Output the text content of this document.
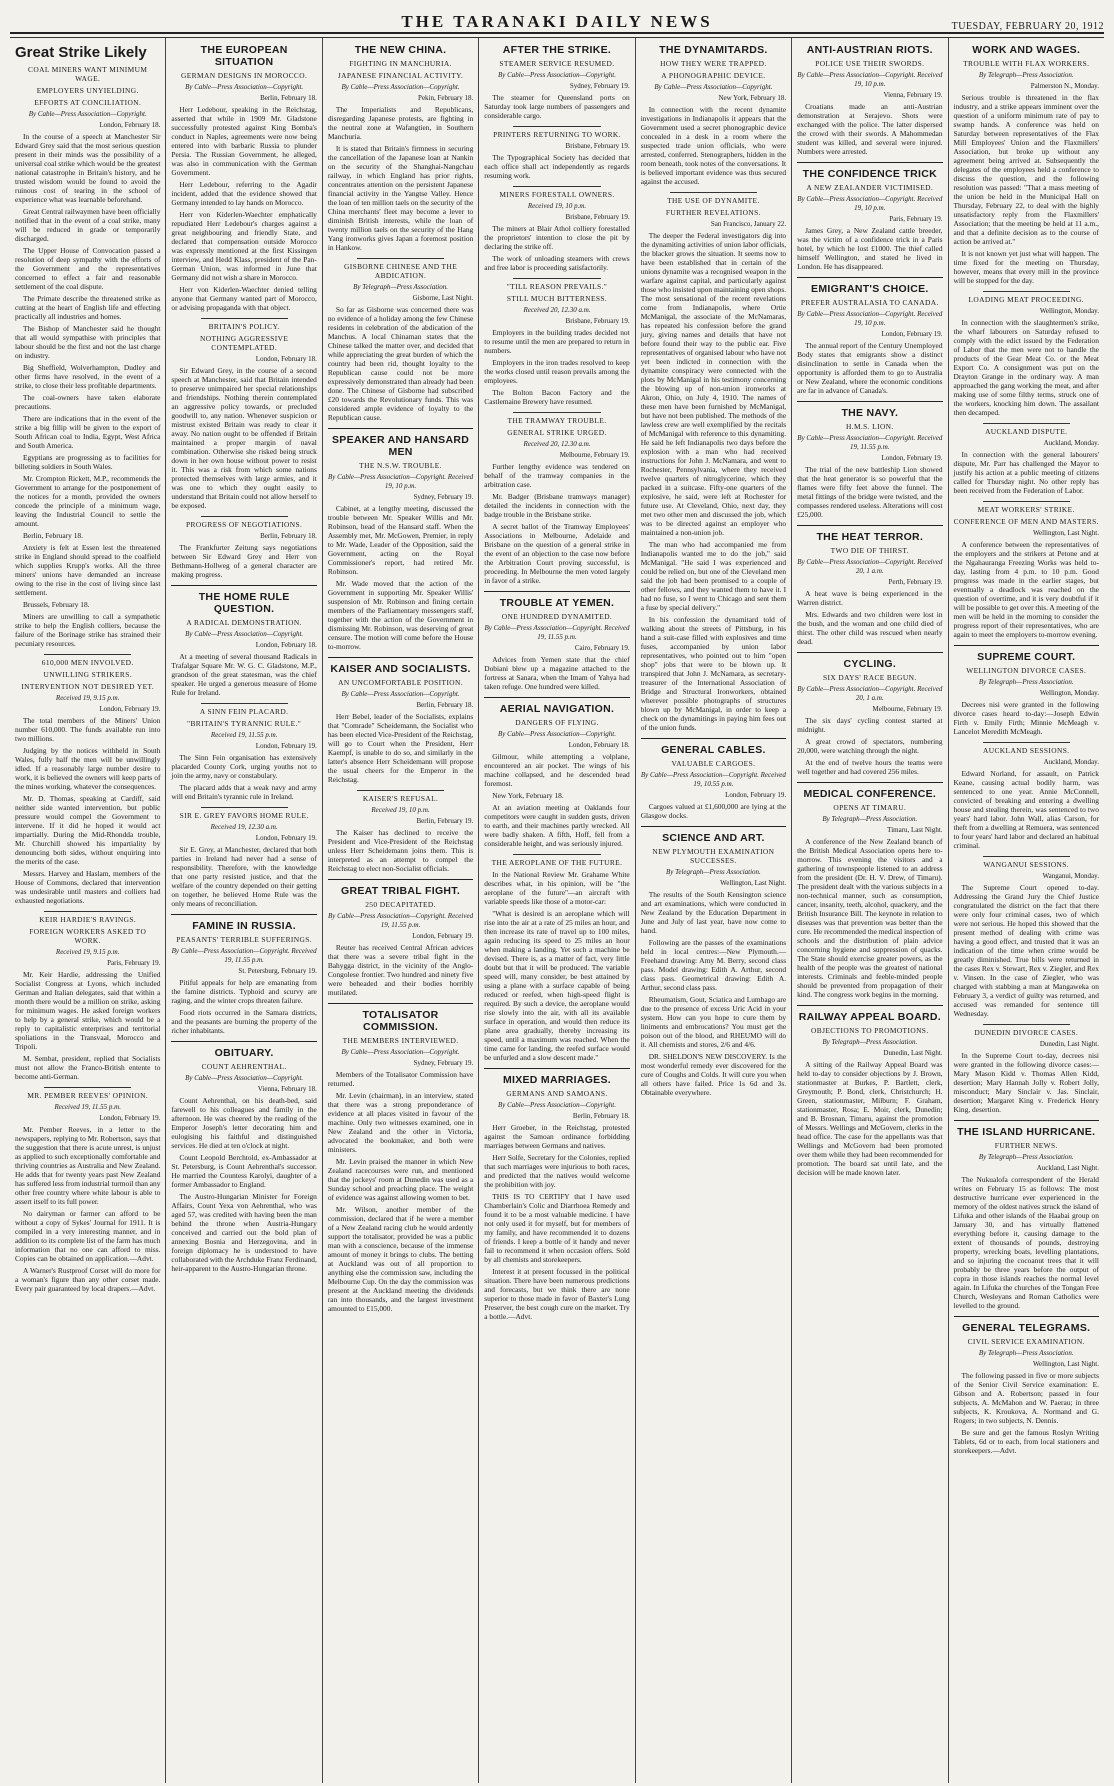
THE TARANAKI DAILY NEWS	TUESDAY, FEBRUARY 20, 1912
Great Strike Likely
COAL MINERS WANT MINIMUM WAGE.
EMPLOYERS UNYIELDING.
EFFORTS AT CONCILIATION.
By Cable—Press Association—Copyright.
London, February 18.

In the course of a speech at Manchester Sir Edward Grey said that the most serious question present in their minds was the possibility of a universal coal strike which would be the greatest national catastrophe in Britain's history, and he trusted wisdom would be found to avoid the ruinous cost of tearing in the school of experience what was learnable beforehand.

Great Central railwaymen have been officially notified that in the event of a coal strike, many will be reduced in grade or temporarily discharged.

The Upper House of Convocation passed a resolution of deep sympathy with the efforts of the Government and the representatives concerned to effect a fair and reasonable settlement of the coal dispute.

The Primate describe the threatened strike as cutting at the heart of English life and effecting practically all industries and homes.

The Bishop of Manchester said he thought that all would sympathise with principles that labour should be the first and not the last charge on industry.

Big Sheffield, Wolverhampton, Dudley and other firms have resolved, in the event of a strike, to close their less profitable departments.

The coal-owners have taken elaborate precautions.

There are indications that in the event of the strike a big fillip will be given to the export of South African coal to India, Egypt, West Africa and South America.

Egyptians are progressing as to facilities for billeting soldiers in South Wales.

Mr. Crompton Rickett, M.P., recommends the Government to arrange for the postponement of the notices for a month, provided the owners concede the principle of a minimum wage, leaving the Industrial Council to settle the amount.

Berlin, February 18.

Anxiety is felt at Essen lest the threatened strike in England should spread to the coalfield which supplies Krupp's works. All the three miners' unions have demanded an increase owing to the rise in the cost of living since last settlement.

Brussels, February 18.

Miners are unwilling to call a sympathetic strike to help the English colliers, because the failure of the Borinage strike has strained their pecuniary resources.

610,000 MEN INVOLVED.
UNWILLING STRIKERS.
INTERVENTION NOT DESIRED YET.
Received 19, 9.15 p.m.
London, February 19.

The total members of the Miners' Union number 610,000. The funds available run into two millions.

Judging by the notices withheld in South Wales, fully half the men will be unwillingly idled. If a reasonably large number desire to work, it is believed the owners will keep parts of the mines working, whatever the consequences.

Mr. D. Thomas, speaking at Cardiff, said neither side wanted intervention, but public pressure would compel the Government to intervene. If it did he hoped it would act impartially. During the Mid-Rhondda trouble, Mr. Churchill showed his impartiality by denouncing both sides, without enquiring into the merits of the case.

Messrs. Harvey and Haslam, members of the House of Commons, declared that intervention was undesirable until masters and colliers had exhausted negotiations.

KEIR HARDIE'S RAVINGS.
FOREIGN WORKERS ASKED TO WORK.
Received 19, 9.15 p.m.
Paris, February 19.

Mr. Keir Hardie, addressing the Unified Socialist Congress at Lyons, which included German and Italian delegates, said that within a month there would be a million on strike, asking for minimum wages. He asked foreign workers to help by a general strike, which would be a reply to capitalistic enterprises and territorial spoliations in the Transvaal, Morocco and Tripoli.

M. Sembat, president, replied that Socialists must not allow the Franco-British entente to become anti-German.

MR. PEMBER REEVES' OPINION.
Received 19, 11.55 p.m.
London, February 19.

Mr. Pember Reeves, in a letter to the newspapers, replying to Mr. Robertson, says that the suggestion that there is acute unrest, is unjust as applied to such exceptionally comfortable and thriving countries as Australia and New Zealand. He adds that for twenty years past New Zealand has suffered less from industrial turmoil than any other free country where white labour is able to assert itself to its full power.

No dairyman or farmer can afford to be without a copy of Sykes' Journal for 1911. It is compiled in a very interesting manner, and in addition to its complete list of the farm has much information that no one can afford to miss. Copies can be obtained on application.—Advt.

A Warner's Rustproof Corset will do more for a woman's figure than any other corset made. Every pair guaranteed by local drapers.—Advt.

THE EUROPEAN SITUATION
GERMAN DESIGNS IN MOROCCO.
By Cable—Press Association—Copyright.
Berlin, February 18.

Herr Ledebour, speaking in the Reichstag, asserted that while in 1909 Mr. Gladstone successfully protested against King Bomba's conduct in Naples, agreements were now being entered into with barbaric Russia to plunder Persia. The Russian Government, he alleged, was also in communication with the German Government.

Herr Ledebour, referring to the Agadir incident, added that the evidence showed that Germany intended to lay hands on Morocco.

Herr von Kiderlen-Waechter emphatically repudiated Herr Ledebour's charges against a great neighbouring and friendly State, and declared that compensation outside Morocco was expressly mentioned at the first Kissingen interview, and Hedd Klass, president of the Pan-German Union, was informed in June that Germany did not wish a share in Morocco.

Herr von Kiderlen-Waechter denied telling anyone that Germany wanted part of Morocco, or advising propaganda with that object.

BRITAIN'S POLICY.
NOTHING AGGRESSIVE CONTEMPLATED.
London, February 18.

Sir Edward Grey, in the course of a second speech at Manchester, said that Britain intended to preserve unimpaired her special relationships and friendships. Nothing therein contemplated an aggressive policy towards, or precluded goodwill to, any nation. Whenever suspicion or mistrust existed Britain was ready to clear it away. No nation ought to be offended if Britain maintained a proper margin of naval combination. Otherwise she risked being struck down in her own house without power to resist it. This was a risk from which some nations protected themselves with large armies, and it was one to which they ought easily to understand that Britain could not allow herself to be exposed.

PROGRESS OF NEGOTIATIONS.
Berlin, February 18.

The Frankfurter Zeitung says negotiations between Sir Edward Grey and Herr von Bethmann-Hollweg of a general character are making progress.

THE HOME RULE QUESTION.
A RADICAL DEMONSTRATION.
By Cable—Press Association—Copyright.
London, February 18.

At a meeting of several thousand Radicals in Trafalgar Square Mr. W. G. C. Gladstone, M.P., grandson of the great statesman, was the chief speaker. He urged a generous measure of Home Rule for Ireland.

A SINN FEIN PLACARD.
"BRITAIN'S TYRANNIC RULE."
Received 19, 11.55 p.m.
London, February 19.

The Sinn Fein organisation has extensively placarded County Cork, urging youths not to join the army, navy or constabulary.

The placard adds that a weak navy and army will end Britain's tyrannic rule in Ireland.

SIR E. GREY FAVORS HOME RULE.
Received 19, 12.30 a.m.
London, February 19.

Sir E. Grey, at Manchester, declared that both parties in Ireland had never had a sense of responsibility. Therefore, with the knowledge that one party resisted justice, and that the welfare of the country depended on their getting on together, he believed Home Rule was the only means of reconciliation.

FAMINE IN RUSSIA.
PEASANTS' TERRIBLE SUFFERINGS.
By Cable—Press Association—Copyright. Received 19, 11.55 p.m.
St. Petersburg, February 19.

Pitiful appeals for help are emanating from the famine districts. Typhoid and scurvy are raging, and the winter crops threaten failure.

Food riots occurred in the Samara districts, and the peasants are burning the property of the richer inhabitants.

OBITUARY.
COUNT AEHRENTHAL.
By Cable—Press Association—Copyright.
Vienna, February 18.

Count Aehrenthal, on his death-bed, said farewell to his colleagues and family in the afternoon. He was cheered by the reading of the Emperor Joseph's letter decorating him and eulogising his faithful and distinguished services. He died at ten o'clock at night.

Count Leopold Berchtold, ex-Ambassador at St. Petersburg, is Count Aehrenthal's successor. He married the Countess Karolyi, daughter of a former Ambassador to England.

The Austro-Hungarian Minister for Foreign Affairs, Count Yexa von Aehrenthal, who was aged 57, was credited with having been the man behind the throne when Austria-Hungary conceived and carried out the bold plan of annexing Bosnia and Herzegovina, and in foreign diplomacy he is understood to have collaborated with the Archduke Franz Ferdinand, heir-apparent to the Austro-Hungarian throne.

THE NEW CHINA.
FIGHTING IN MANCHURIA.
JAPANESE FINANCIAL ACTIVITY.
By Cable—Press Association—Copyright.
Pekin, February 18.

The Imperialists and Republicans, disregarding Japanese protests, are fighting in the neutral zone at Wafangtien, in Southern Manchuria.

It is stated that Britain's firmness in securing the cancellation of the Japanese loan at Nankin on the security of the Shanghai-Nangchau railway, in which England has prior rights, concentrates attention on the persistent Japanese financial activity in the Yangtse Valley. Hence the loan of ten million taels on the security of the China merchants' fleet may become a lever to diminish British interests, while the loan of twenty million taels on the security of the Hang Yang ironworks gives Japan a foremost position in Hankow.

GISBORNE CHINESE AND THE ABDICATION.
By Telegraph—Press Association.
Gisborne, Last Night.

So far as Gisborne was concerned there was no evidence of a holiday among the few Chinese residents in celebration of the abdication of the Manchus. A local Chinaman states that the Chinese talked the matter over, and decided that while appreciating the great burden of which the country had been rid, thought loyalty to the Republican cause could not be more expressively demonstrated than already had been done. The Chinese of Gisborne had subscribed £20 towards the Revolutionary funds. This was considered ample evidence of loyalty to the Republican cause.

SPEAKER AND HANSARD MEN
THE N.S.W. TROUBLE.
By Cable—Press Association—Copyright. Received 19, 10 p.m.
Sydney, February 19.

Cabinet, at a lengthy meeting, discussed the trouble between Mr. Speaker Willis and Mr. Robinson, head of the Hansard staff. When the Assembly met, Mr. McGowen, Premier, in reply to Mr. Wade, Leader of the Opposition, said the Government, acting on the Royal Commissioner's report, had retired Mr. Robinson.

Mr. Wade moved that the action of the Government in supporting Mr. Speaker Willis' suspension of Mr. Robinson and fining certain members of the Parliamentary messengers staff, together with the action of the Government in dismissing Mr. Robinson, was deserving of great censure. The motion will come before the House to-morrow.

KAISER AND SOCIALISTS.
AN UNCOMFORTABLE POSITION.
By Cable—Press Association—Copyright.
Berlin, February 18.

Herr Bebel, leader of the Socialists, explains that "Comrade" Scheidemann, the Socialist who has been elected Vice-President of the Reichstag, will go to Court when the President, Herr Kaempf, is unable to do so, and similarly in the latter's absence Herr Scheidemann will propose the usual cheers for the Emperor in the Reichstag.

KAISER'S REFUSAL.
Received 19, 10 p.m.
Berlin, February 19.

The Kaiser has declined to receive the President and Vice-President of the Reichstag unless Herr Scheidemann joins them. This is interpreted as an attempt to compel the Reichstag to elect non-Socialist officials.

GREAT TRIBAL FIGHT.
250 DECAPITATED.
By Cable—Press Association—Copyright. Received 19, 11.55 p.m.
London, February 19.

Reuter has received Central African advices that there was a severe tribal fight in the Bahygga district, in the vicinity of the Anglo-Congolese frontier. Two hundred and ninety five were beheaded and their bodies horribly mutilated.

TOTALISATOR COMMISSION.
THE MEMBERS INTERVIEWED.
By Cable—Press Association—Copyright.
Sydney, February 19.

Members of the Totalisator Commission have returned.

Mr. Levin (chairman), in an interview, stated that there was a strong preponderance of evidence at all places visited in favour of the machine. Only two witnesses examined, one in New Zealand and the other in Victoria, advocated the bookmaker, and both were ministers.

Mr. Levin praised the manner in which New Zealand racecourses were run, and mentioned that the jockeys' room at Dunedin was used as a Sunday school and preaching place. The weight of evidence was against allowing women to bet.

Mr. Wilson, another member of the commission, declared that if he were a member of a New Zealand racing club he would ardently support the totalisator, provided he was a public man with a conscience, because of the immense amount of money it brings to clubs. The betting at Auckland was out of all proportion to anything else the commission saw, including the Melbourne Cup. On the day the commission was present at the Auckland meeting the dividends ran into thousands, and the largest investment amounted to £15,000.

AFTER THE STRIKE.
STEAMER SERVICE RESUMED.
By Cable—Press Association—Copyright.
Sydney, February 19.

The steamer for Queensland ports on Saturday took large numbers of passengers and considerable cargo.

PRINTERS RETURNING TO WORK.
Brisbane, February 19.

The Typographical Society has decided that each office shall act independently as regards resuming work.

MINERS FORESTALL OWNERS.
Received 19, 10 p.m.
Brisbane, February 19.

The miners at Blair Athol colliery forestalled the proprietors' intention to close the pit by declaring the strike off.

The work of unloading steamers with crews and free labor is proceeding satisfactorily.

"TILL REASON PREVAILS."
STILL MUCH BITTERNESS.
Received 20, 12.30 a.m.
Brisbane, February 19.

Employers in the building trades decided not to resume until the men are prepared to return in numbers.

Employers in the iron trades resolved to keep the works closed until reason prevails among the employees.

The Bolton Bacon Factory and the Castlemaine Brewery have resumed.

THE TRAMWAY TROUBLE.
GENERAL STRIKE URGED.
Received 20, 12.30 a.m.
Melbourne, February 19.

Further lengthy evidence was tendered on behalf of the tramway companies in the arbitration case.

Mr. Badger (Brisbane tramways manager) detailed the incidents in connection with the badge trouble in the Brisbane strike.

A secret ballot of the Tramway Employees' Associations in Melbourne, Adelaide and Brisbane on the question of a general strike in the event of an objection to the case now before the Arbitration Court proving successful, is proceeding. In Melbourne the men voted largely in favor of a strike.

TROUBLE AT YEMEN.
ONE HUNDRED DYNAMITED.
By Cable—Press Association—Copyright. Received 19, 11.55 p.m.
Cairo, February 19.

Advices from Yemen state that the chief Dobiani blew up a magazine attached to the fortress at Sanara, when the Imam of Yahya had taken refuge. One hundred were killed.

AERIAL NAVIGATION.
DANGERS OF FLYING.
By Cable—Press Association—Copyright.
London, February 18.

Gilmour, while attempting a volplane, encountered an air pocket. The wings of his machine collapsed, and he descended head foremost.

New York, February 18.

At an aviation meeting at Oaklands four competitors were caught in sudden gusts, driven to earth, and their machines partly wrecked. All were badly shaken. A fifth, Hoff, fell from a considerable height, and was seriously injured.

THE AEROPLANE OF THE FUTURE.

In the National Review Mr. Grahame White describes what, in his opinion, will be "the aeroplane of the future"—an aircraft with variable speeds like those of a motor-car:

"What is desired is an aeroplane which will rise into the air at a rate of 25 miles an hour, and then increase its rate of travel up to 100 miles, again reducing its speed to 25 miles an hour when making a landing. Yet such a machine be devised. There is, as a matter of fact, very little doubt but that it will be produced. The variable speed will, many consider, be best attained by using a plane with a surface capable of being reduced or reefed, when high-speed flight is required. By such a device, the aeroplane would rise slowly into the air, with all its available surface in operation, and would then reduce its plane area gradually, thereby increasing its speed, until a maximum was reached. When the time came for landing, the reefed surface would be unfurled and a slow descent made."

MIXED MARRIAGES.
GERMANS AND SAMOANS.
By Cable—Press Association—Copyright.
Berlin, February 18.

Herr Groeber, in the Reichstag, protested against the Samoan ordinance forbidding marriages between Germans and natives.

Herr Solfe, Secretary for the Colonies, replied that such marriages were injurious to both races, and predicted that the natives would welcome the prohibition with joy.

THIS IS TO CERTIFY that I have used Chamberlain's Colic and Diarrhoea Remedy and found it to be a most valuable medicine. I have not only used it for myself, but for members of my family, and have recommended it to dozens of friends. I keep a bottle of it handy and never fail to recommend it when occasion offers. Sold by all chemists and storekeepers.

Interest it at present focussed in the political situation. There have been numerous predictions and forecasts, but we think there are none superior to those made in favor of Baxter's Lung Preserver, the best cough cure on the market. Try a bottle.—Advt.

THE DYNAMITARDS.
HOW THEY WERE TRAPPED.
A PHONOGRAPHIC DEVICE.
By Cable—Press Association—Copyright.
New York, February 18.

In connection with the recent dynamite investigations in Indianapolis it appears that the Government used a secret phonographic device concealed in a desk in a room where the suspected trade union officials, who were arrested, conferred. Stenographers, hidden in the room beneath, took notes of the conversations. It is believed important evidence was thus secured against the accused.

THE USE OF DYNAMITE.
FURTHER REVELATIONS.
San Francisco, January 22.

The deeper the Federal investigators dig into the dynamiting activities of union labor officials, the blacker grows the situation. It seems now to have been established that in certain of the unions dynamite was a recognised weapon in the warfare against capital, and particularly against those who insisted upon maintaining open shops. The most sensational of the recent revelations come from Indianapolis, where Ortie McManigal, the associate of the McNamaras, has repeated his confession before the grand jury, giving names and details that have not before found their way to the public ear. Five representatives of organised labour who have not yet been indicted in connection with the dynamite conspiracy were connected with the plots by McManigal in his testimony concerning the blowing up of non-union ironworks at Akron, Ohio, on July 4, 1910. The names of these men have been furnished by McManigal, but have not been published. The methods of the lawless crew are well exemplified by the recitals of McManigal with reference to this dynamiting. He said he left Indianapolis two days before the explosion with a man who had received instructions for John J. McNamara, and went to Rochester, Pennsylvania, where they received twelve quarters of nitroglycerine, which they packed in a suitcase. Fifty-one quarters of the explosive, he said, were left at Rochester for future use. At Cleveland, Ohio, next day, they met two other men and discussed the job, which was to be directed against an employer who maintained a non-union job.

The man who had accompanied me from Indianapolis wanted me to do the job," said McManigal. "He said I was experienced and could be relied on, but one of the Cleveland men said the job had been promised to a couple of other fellows, and they wanted them to have it. I had no fuse, so I went to Chicago and sent them a fuse by special delivery."

In his confession the dynamitard told of walking about the streets of Pittsburg, in his hand a suit-case filled with explosives and time fuses, accompanied by union labor representatives, who pointed out to him "open shop" jobs that were to be blown up. It transpired that John J. McNamara, as secretary-treasurer of the International Association of Bridge and Structural Ironworkers, obtained wherever possible photographs of structures blown up by McManigal, in order to keep a check on the dynamitings in paying him fees out of the union funds.

GENERAL CABLES.
VALUABLE CARGOES.
By Cable—Press Association—Copyright. Received 19, 10.55 p.m.
London, February 19.

Cargoes valued at £1,600,000 are lying at the Glasgow docks.

SCIENCE AND ART.
NEW PLYMOUTH EXAMINATION SUCCESSES.
By Telegraph—Press Association.
Wellington, Last Night.

The results of the South Kensington science and art examinations, which were conducted in New Zealand by the Education Department in June and July of last year, have now come to hand.

Following are the passes of the examinations held in local centres:—New Plymouth.—Freehand drawing: Amy M. Berry, second class pass. Model drawing: Edith A. Arthur, second class pass. Geometrical drawing: Edith A. Arthur, second class pass.

Rheumatism, Gout, Sciatica and Lumbago are due to the presence of excess Uric Acid in your system. How can you hope to cure them by liniments and embrocations? You must get the poison out of the blood, and RHEUMO will do it. All chemists and stores, 2/6 and 4/6.

DR. SHELDON'S NEW DISCOVERY. Is the most wonderful remedy ever discovered for the cure of Coughs and Colds. It will cure you when all others have failed. Price 1s 6d and 3s. Obtainable everywhere.

ANTI-AUSTRIAN RIOTS.
POLICE USE THEIR SWORDS.
By Cable—Press Association—Copyright. Received 19, 10 p.m.
Vienna, February 19.

Croatians made an anti-Austrian demonstration at Serajevo. Shots were exchanged with the police. The latter dispersed the crowd with their swords. A Mahommedan student was killed, and several were injured. Numbers were arrested.

THE CONFIDENCE TRICK
A NEW ZEALANDER VICTIMISED.
By Cable—Press Association—Copyright. Received 19, 10 p.m.
Paris, February 19.

James Grey, a New Zealand cattle breeder, was the victim of a confidence trick in a Paris hotel, by which he lost £1000. The thief called himself Wellington, and stated he lived in London. He has disappeared.

EMIGRANT'S CHOICE.
PREFER AUSTRALASIA TO CANADA.
By Cable—Press Association—Copyright. Received 19, 10 p.m.
London, February 19.

The annual report of the Century Unemployed Body states that emigrants show a distinct disinclination to settle in Canada when the opportunity is afforded them to go to Australia or New Zealand, where the economic conditions are far in advance of Canada's.

THE NAVY.
H.M.S. LION.
By Cable—Press Association—Copyright. Received 19, 11.55 p.m.
London, February 19.

The trial of the new battleship Lion showed that the heat generator is so powerful that the flames were fifty feet above the funnel. The metal fittings of the bridge were twisted, and the compasses rendered useless. Alterations will cost £25,000.

THE HEAT TERROR.
TWO DIE OF THIRST.
By Cable—Press Association—Copyright. Received 20, 1 a.m.
Perth, February 19.

A heat wave is being experienced in the Warren district.

Mrs. Edwards and two children were lost in the bush, and the woman and one child died of thirst. The other child was rescued when nearly dead.

CYCLING.
SIX DAYS' RACE BEGUN.
By Cable—Press Association—Copyright. Received 20, 1 a.m.
Melbourne, February 19.

The six days' cycling contest started at midnight.

A great crowd of spectators, numbering 20,000, were watching through the night.

At the end of twelve hours the teams were well together and had covered 256 miles.

MEDICAL CONFERENCE.
OPENS AT TIMARU.
By Telegraph—Press Association.
Timaru, Last Night.

A conference of the New Zealand branch of the British Medical Association opens here to-morrow. This evening the visitors and a gathering of townspeople listened to an address from the president (Dr. H. V. Drew, of Timaru). The president dealt with the various subjects in a non-technical manner, such as consumption, cancer, insanity, teeth, alcohol, quackery, and the British Insurance Bill. The keynote in relation to diseases was that prevention was better than the cure. He recommended the medical inspection of schools and the distribution of plain advice concerning hygiene and suppression of quacks. The State should exercise greater powers, as the health of the people was the greatest of national interests. Criminals and feeble-minded people should be prevented from propagation of their kind. The congress work begins in the morning.

RAILWAY APPEAL BOARD.
OBJECTIONS TO PROMOTIONS.
By Telegraph—Press Association.
Dunedin, Last Night.

A sitting of the Railway Appeal Board was held to-day to consider objections by J. Brown, stationmaster at Burkes, P. Bartlett, clerk, Greymouth; P. Bond, clerk, Christchurch; H. Green, stationmaster, Milburn; F. Graham, stationmaster, Rosa; E. Moir, clerk, Dunedin; and B. Brosnan, Timaru, against the promotion of Messrs. Wellings and McGovern, clerks in the head office. The case for the appellants was that Wellings and McGovern had been promoted over them while they had been recommended for promotion. The board sat until late, and the decision will be made known later.

WORK AND WAGES.
TROUBLE WITH FLAX WORKERS.
By Telegraph—Press Association.
Palmerston N., Monday.

Serious trouble is threatened in the flax industry, and a strike appears imminent over the question of a uniform minimum rate of pay to swamp hands. A conference was held on Saturday between representatives of the Flax Mill Employees' Union and the Flaxmillers' Association, but broke up without any agreement being arrived at. Subsequently the delegates of the employees held a conference to discuss the question, and the following resolution was passed: "That a mass meeting of the union be held in the Municipal Hall on Thursday, February 22, to deal with the highly unsatisfactory reply from the Flaxmillers' Association; that the meeting be held at 11 a.m., and that a definite decision as to the course of action be arrived at."

It is not known yet just what will happen. The time fixed for the meeting on Thursday, however, means that every mill in the province will be stopped for the day.

LOADING MEAT PROCEEDING.
Wellington, Monday.

In connection with the slaughtermen's strike, the wharf labourers on Saturday refused to comply with the edict issued by the Federation of Labor that the men were not to handle the products of the Gear Meat Co. or the Meat Export Co. A consignment was put on the Drayton Grange in the ordinary way. A man approached the gang working the meat, and after making use of some filthy terms, struck one of the workers, knocking him down. The assailant then decamped.

AUCKLAND DISPUTE.
Auckland, Monday.

In connection with the general labourers' dispute, Mr. Parr has challenged the Mayor to justify his action at a public meeting of citizens called for Thursday night. No other reply has been received from the Federation of Labor.

MEAT WORKERS' STRIKE.
CONFERENCE OF MEN AND MASTERS.
Wellington, Last Night.

A conference between the representatives of the employers and the strikers at Petone and at the Ngahauranga Freezing Works was held to-day, lasting from 4 p.m. to 10 p.m. Good progress was made in the earlier stages, but eventually a deadlock was reached on the question of overtime, and it is very doubtful if it will be possible to get over this. A meeting of the men will be held in the morning to consider the progress report of their representatives, who are again to meet the employers to-morrow evening.

SUPREME COURT.
WELLINGTON DIVORCE CASES.
By Telegraph—Press Association.
Wellington, Monday.

Decrees nisi were granted in the following divorce cases heard to-day:—Joseph Edwin Firth v. Emily Firth; Minnie McMeagh v. Lancelot Meredith McMeagh.

AUCKLAND SESSIONS.
Auckland, Monday.

Edward Norland, for assault, on Patrick Keane, causing actual bodily harm, was sentenced to one year. Annie McConnell, convicted of breaking and entering a dwelling house and stealing therein, was sentenced to two years' hard labor. John Wall, alias Carson, for theft from a dwelling at Remuera, was sentenced to four years' hard labor and declared an habitual criminal.

WANGANUI SESSIONS.
Wanganui, Monday.

The Supreme Court opened to-day. Addressing the Grand Jury the Chief Justice congratulated the district on the fact that there were only four criminal cases, two of which were not serious. He hoped this showed that the present method of dealing with crime was having a good effect, and trusted that it was an indication of the time when crime would be greatly diminished. True bills were returned in the cases Rex v. Stewart, Rex v. Ziegler, and Rex v. Vinsen. In the case of Ziegler, who was charged with stabbing a man at Mangaweka on February 3, a verdict of guilty was returned, and accused was remanded for sentence till Wednesday.

DUNEDIN DIVORCE CASES.
Dunedin, Last Night.

In the Supreme Court to-day, decrees nisi were granted in the following divorce cases:—Mary Mason Kidd v. Thomas Allen Kidd, desertion; Mary Hannah Jolly v. Robert Jolly, misconduct; Mary Sinclair v. Jas. Sinclair, desertion; Margaret King v. Frederick Henry King, desertion.

THE ISLAND HURRICANE.
FURTHER NEWS.
By Telegraph—Press Association.
Auckland, Last Night.

The Nukualofa correspondent of the Herald writes on February 15 as follows: The most destructive hurricane ever experienced in the memory of the oldest natives struck the island of Lifuka and other islands of the Haabai group on January 30, and has virtually flattened everything before it, causing damage to the extent of thousands of pounds, destroying property, wrecking boats, levelling plantations, and so injuring the cocoanut trees that it will probably be three years before the output of copra in those islands reaches the normal level again. In Lifuka the churches of the Tongan Free Church, Wesleyans and Roman Catholics were levelled to the ground.

GENERAL TELEGRAMS.
CIVIL SERVICE EXAMINATION.
By Telegraph—Press Association.
Wellington, Last Night.

The following passed in five or more subjects of the Senior Civil Service examination: E. Gibson and A. Robertson; passed in four subjects, A. McMahon and W. Paerau; in three subjects, K. Kroukova, A. Normand and G. Rogers; in two subjects, N. Dennis.

Be sure and get the famous Roslyn Writing Tablets, 6d or to each, from local stationers and storekeepers.—Advt.
